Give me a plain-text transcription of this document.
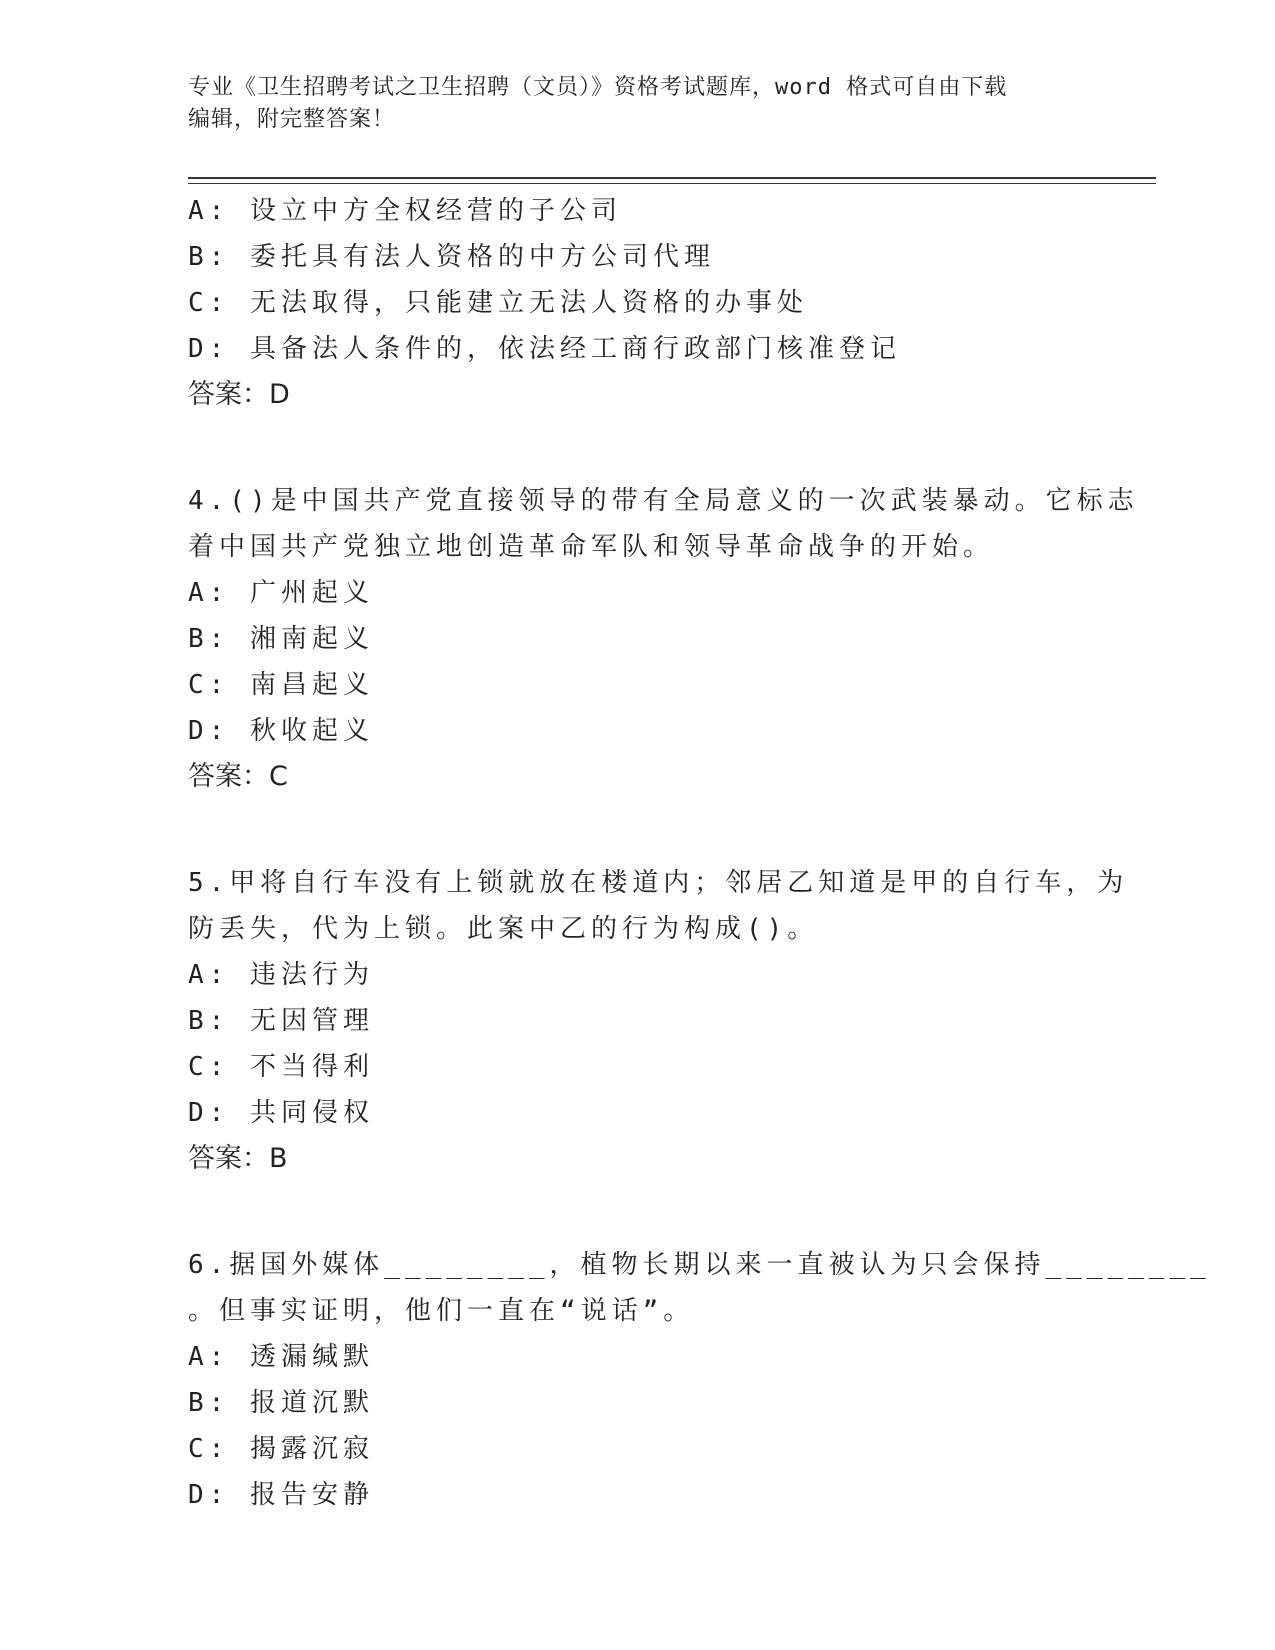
专业《卫生招聘考试之卫生招聘（文员）》资格考试题库，word 格式可自由下载
编辑，附完整答案！
A: 设立中方全权经营的子公司
B: 委托具有法人资格的中方公司代理
C: 无法取得，只能建立无法人资格的办事处
D: 具备法人条件的，依法经工商行政部门核准登记
答案：D
4.()是中国共产党直接领导的带有全局意义的一次武装暴动。它标志
着中国共产党独立地创造革命军队和领导革命战争的开始。
A: 广州起义
B: 湘南起义
C: 南昌起义
D: 秋收起义
答案：C
5.甲将自行车没有上锁就放在楼道内；邻居乙知道是甲的自行车，为
防丢失，代为上锁。此案中乙的行为构成()。
A: 违法行为
B: 无因管理
C: 不当得利
D: 共同侵权
答案：B
6.据国外媒体________，植物长期以来一直被认为只会保持________
。但事实证明，他们一直在“说话”。
A: 透漏缄默
B: 报道沉默
C: 揭露沉寂
D: 报告安静
